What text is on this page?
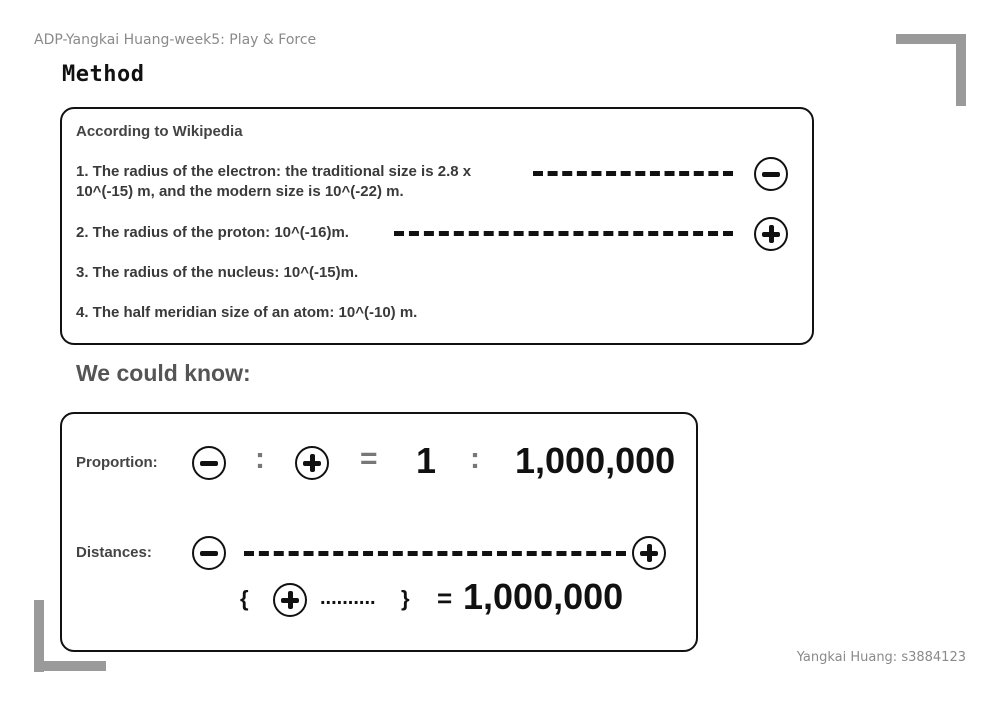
ADP-Yangkai Huang-week5: Play & Force
Method
According to Wikipedia
1. The radius of the electron: the traditional size is 2.8 x
10^(-15) m, and the modern size is 10^(-22) m.
2. The radius of the proton: 10^(-16)m.
3. The radius of the nucleus: 10^(-15)m.
4. The half meridian size of an atom: 10^(-10) m.
We could know:
Proportion:	:	= 1 : 1,000,000
Distances:
{	.......... } = 1,000,000
Yangkai Huang: s3884123
